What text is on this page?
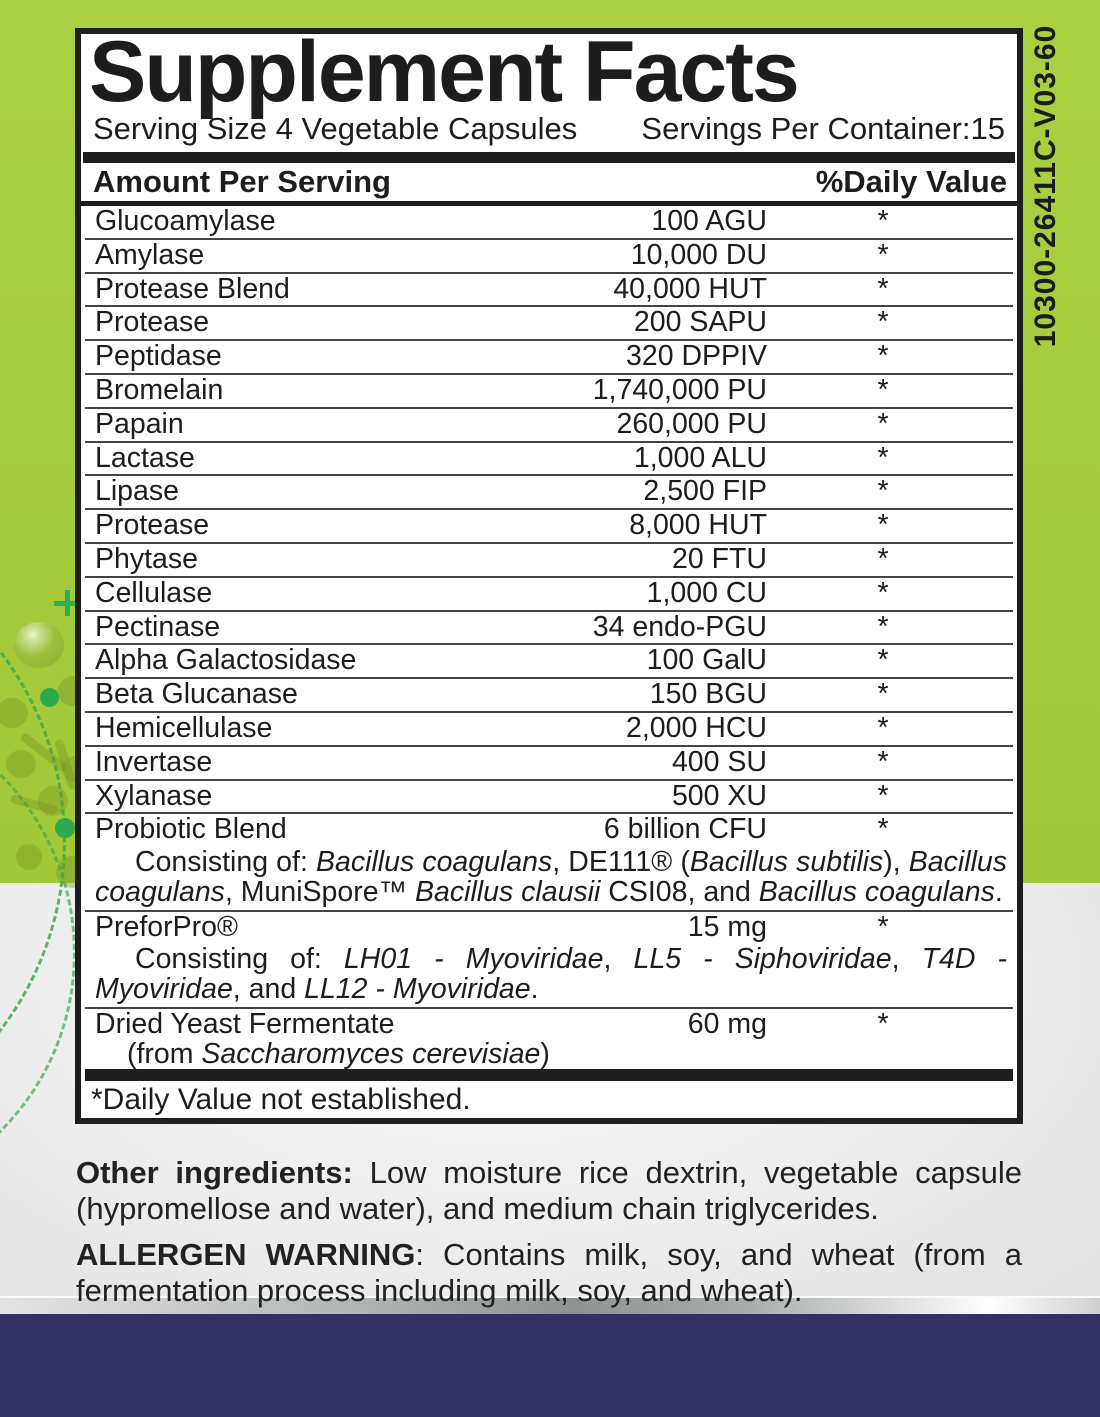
10300-26411C-V03-60
Supplement Facts
Serving Size 4 Vegetable Capsules Servings Per Container:15
Amount Per Serving	%Daily Value
Glucoamylase	100 AGU	*
Amylase	10,000 DU	*
Protease Blend	40,000 HUT	*
Protease	200 SAPU	*
Peptidase	320 DPPIV	*
Bromelain	1,740,000 PU	*
Papain	260,000 PU	*
Lactase	1,000 ALU	*
Lipase	2,500 FIP	*
Protease	8,000 HUT	*
Phytase	20 FTU	*
Cellulase	1,000 CU	*
Pectinase	34 endo-PGU	*
Alpha Galactosidase	100 GalU	*
Beta Glucanase	150 BGU	*
Hemicellulase	2,000 HCU	*
Invertase	400 SU	*
Xylanase	500 XU	*
Probiotic Blend	6 billion CFU	*
Consisting of: Bacillus coagulans, DE111® (Bacillus subtilis), Bacillus coagulans, MuniSpore™ Bacillus clausii CSI08, and Bacillus coagulans.
PreforPro®	15 mg	*
Consisting of: LH01 - Myoviridae, LL5 - Siphoviridae, T4D - Myoviridae, and LL12 - Myoviridae.
Dried Yeast Fermentate	60 mg	*
(from Saccharomyces cerevisiae)
*Daily Value not established.

Other ingredients: Low moisture rice dextrin, vegetable capsule (hypromellose and water), and medium chain triglycerides.

ALLERGEN WARNING: Contains milk, soy, and wheat (from a fermentation process including milk, soy, and wheat).
